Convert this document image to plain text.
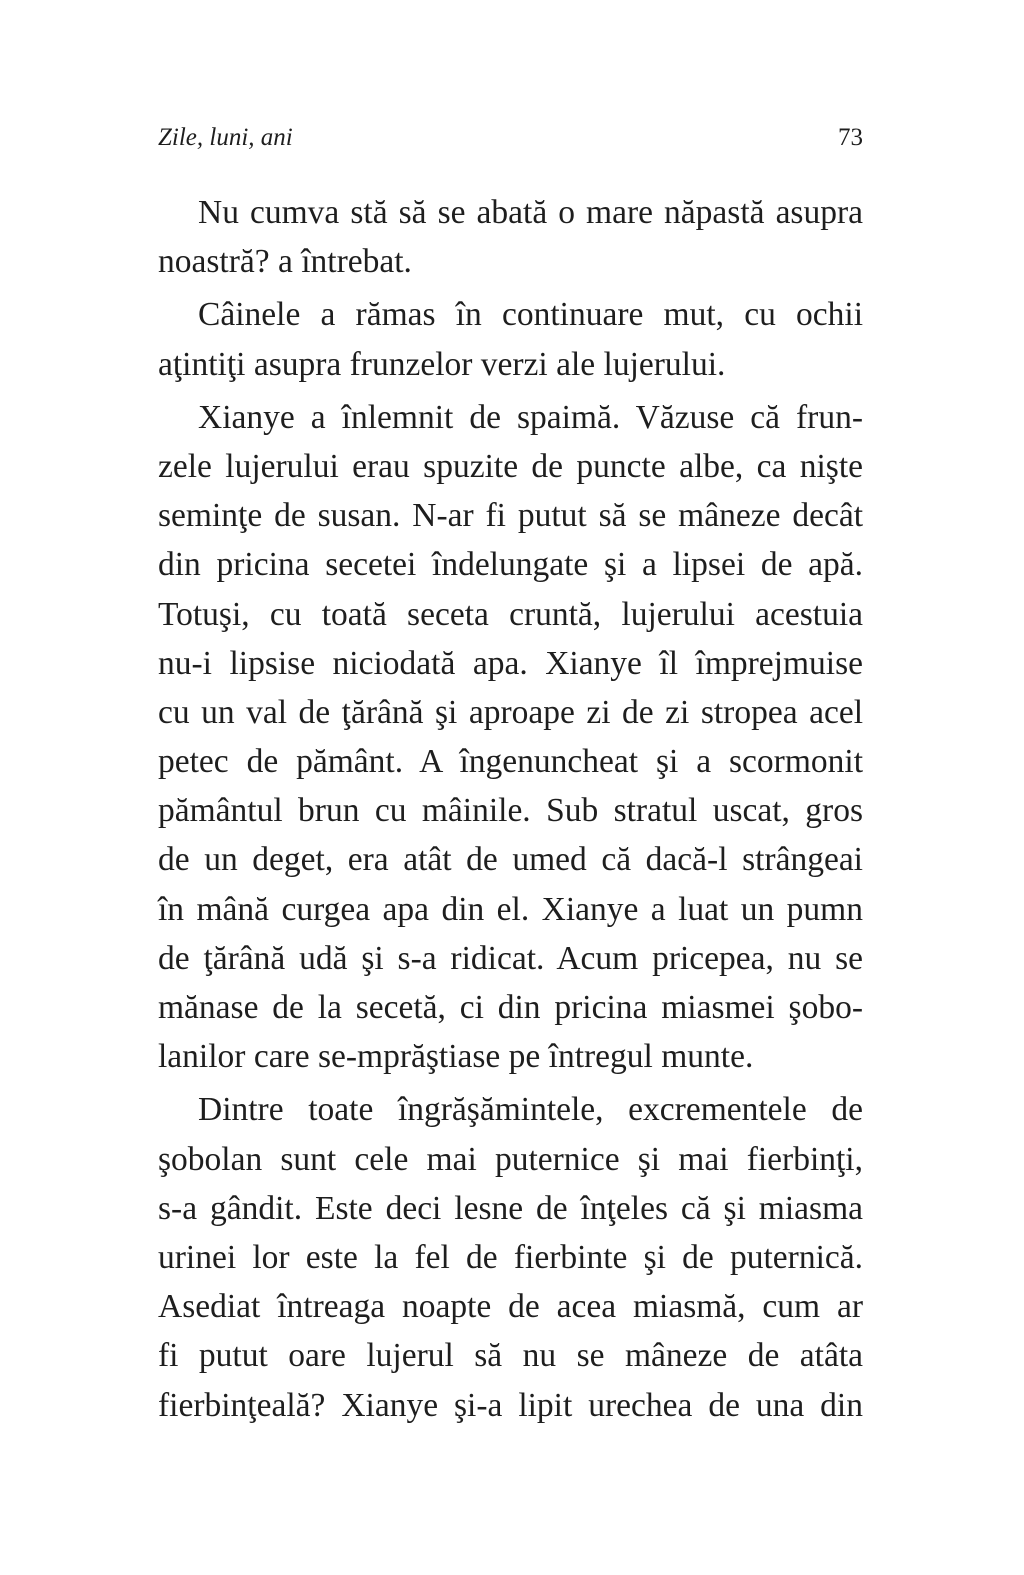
Zile, luni, ani	73
Nu cumva stă să se abată o mare năpastă asupra
noastră? a întrebat.
Câinele a rămas în continuare mut, cu ochii
aţintiţi asupra frunzelor verzi ale lujerului.
Xianye a înlemnit de spaimă. Văzuse că frun-
zele lujerului erau spuzite de puncte albe, ca nişte
seminţe de susan. N-ar fi putut să se mâneze decât
din pricina secetei îndelungate şi a lipsei de apă.
Totuşi, cu toată seceta cruntă, lujerului acestuia
nu-i lipsise niciodată apa. Xianye îl împrejmuise
cu un val de ţărână şi aproape zi de zi stropea acel
petec de pământ. A îngenuncheat şi a scormonit
pământul brun cu mâinile. Sub stratul uscat, gros
de un deget, era atât de umed că dacă-l strângeai
în mână curgea apa din el. Xianye a luat un pumn
de ţărână udă şi s-a ridicat. Acum pricepea, nu se
mănase de la secetă, ci din pricina miasmei şobo-
lanilor care se-mprăştiase pe întregul munte.
Dintre toate îngrăşămintele, excrementele de
şobolan sunt cele mai puternice şi mai fierbinţi,
s-a gândit. Este deci lesne de înţeles că şi miasma
urinei lor este la fel de fierbinte şi de puternică.
Asediat întreaga noapte de acea miasmă, cum ar
fi putut oare lujerul să nu se mâneze de atâta
fierbinţeală? Xianye şi-a lipit urechea de una din
